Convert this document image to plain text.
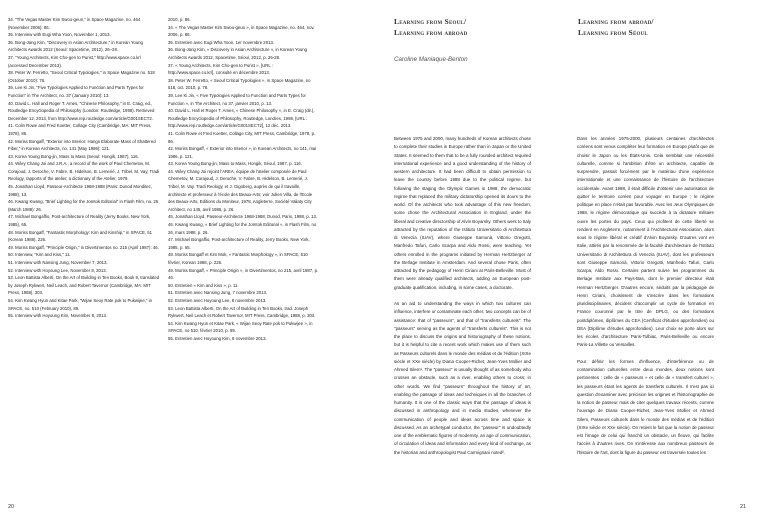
34. "The Vegas Master Kim Swoo-geun," in Space Magazine, no. 464 (November 2006): 86.

35. Interview with Eugi Wha Yoon, November 1, 2013.

36. Bong-Jang Kim, "Discovery in Asian Architecture," in Korean Young Architects Awards 2012 (Seoul: Spacetime, 2012), 26–28.

37. "Young Architects, Kim Cho-gen to Purist," http://www.space.co.kr/ (accessed December 2013).

38. Peter W. Ferretto, "Seoul Critical Typologies," in Space Magazine no. 518 (October 2010): 78.

39. Lee Ki Jin, "Five Typologies Applied to Function and Parts Types for Function" in The Architect, no. 37 (January 2010): 13.

40. David L. Hall and Roger T. Ames, "Chinese Philosophy," in E. Craig, ed., Routledge Encyclopedia of Philosophy (London: Routledge, 1998). Retrieved December 12, 2013, from http://www.rep.routledge.com/article/G001SECT2.

41. Colin Rowe and Fred Koetter, Collage City (Cambridge, MA: MIT Press, 1978), 86.

42. Moriss Bongaff, "Exterior into Interior: Hangs Elaborate Mass of Shattered Fiber," in Korean Architects, no. 141 (May 1986): 121.

43. Korea Young Bong-jin, Mass to Mass (Seoul: Hongik, 1987), 116.

44. Wiley Chang Joi and J.R.A., a record of the work of Paul Chemetov, M. Corajoud, J. Deroche, V. Fabre, B. Hidelson, B. Lemerié, J. Tribel, M. Vay, Tradi Reology, rapports of the atelier, a dictionary of the Atelier, 1978.

45. Jonathan Lloyd, Passeur-Architecte 1968-1988 (Paris: Dunod Monditec, 1988), 13.

46. Kwang Kwang, "Brief Lighting for the Jomtok Editorial" in Flash Film, no. 26 (March 1988): 26.

47. Michael Bongaffio, Post-architecture of Reality (Jerry Books, New York, 1985), 65.

48. Moriss Bongaff, "Fantastic Morphology: Kim and Kinship," in SPACE, 51 (Korean 1988), 226.

49. Moriss Bongaff, "Principle Origin," in Divertimentos no. 215 (April 1987): 46.

50. Interview, "Kim and Kiss," 11.

51. Interview with Nansing Jung, November 7, 2013.

52. Interview with Hoyoung Lee, November 8, 2013.

53. Leon Battista Alberti, On the Art of Building in Ten Books, Book 9, translated by Joseph Rykwert, Neil Leach, and Robert Tavernor (Cambridge, MA: MIT Press, 1988), 303.

54. Kim Kwang Hyun and Kitae Park, "Wijae Seoy Rate pok to Pukwijee," in SPACE, no. 510 (February 2010), 89.

55. Interview with Hoyoung Kim, November 8, 2013.

2010, p. 86.

34. « The Vegas Master Kim Swoo-geun », in Space Magazine, no. 464, nov. 2006, p. 86.

35. Entretien avec Eugi Wha Yoon, 1er novembre 2013.

36. Bong-Jang Kim, « Discovery in Asian Architecture », in Korean Young Architects Awards 2012, Spacetime, Séoul, 2012, p. 26-28.

37. « Young Architects, Kim Cho-gen to Purist », [URL : http://www.space.co.kr/], consulté en décembre 2013.

38. Peter W. Ferretto, « Seoul Critical Typologies », in Space Magazine, no 518, oct. 2010, p. 78.

39. Lee Ki Jin, « Five Typologies Applied to Function and Parts Types for Function », in The Architect, no 37, janvier 2010, p. 13.

40. David L. Hall et Roger T. Ames, « Chinese Philosophy », in E. Craig (dir.), Routledge Encyclopedia of Philosophy, Routledge, Londres, 1998, [URL : http://www.rep.routledge.com/article/G001SECT2], 12 déc. 2013.

41. Colin Rowe et Fred Koetter, Collage City, MIT Press, Cambridge, 1978, p. 86.

42. Moriss Bongaff, « Exterior into Interior », in Korean Architects, no 141, mai 1986, p. 121.

43. Korea Young Bong-jin, Mass to Mass, Hongik, Séoul, 1987, p. 116.

44. Wiley Chang Joi rejoint l'AREA, équipe de l'atelier composée de Paul Chemetov, M. Corajoud, J. Deroche, V. Fabre, B. Hidelson, B. Lemerié, J. Tribel, M. Vay. Tradi Reology, et J. Gigoberg, auprès de qui il travaille, architecte et professeur à l'école des Beaux-Arts; voir Julien Villa, de l'Ecole des Beaux-Arts, Editions du Moniteur, 1978, Angleterre, Société Valiaty City Architect, no 145, avril 1986, p. 26.

45. Jonathan Lloyd, Passeur-Architecte 1968-1988, Dunod, Paris, 1988, p. 13.

46. Kwang Kwang, « Brief Lighting for the Jomtok Editorial », in Flash Film, no 26, mars 1988, p. 26.

47. Michael Bongaffio, Post-architecture of Reality, Jerry Books, New York, 1985, p. 65.

48. Moriss Bongaff et Kim Mok, « Fantastic Morphology », in SPACE, 510 février, Korean 1988, p. 226.

49. Moriss Bongaff, « Principle Origin », in Divertimentos, no 215, avril 1987, p. 46.

50. Entretien « Kim and Kiss », p. 11.

51. Entretien avec Nansing Jung, 7 novembre 2013.

52. Entretien avec Hoyoung Lee, 8 novembre 2013.

53. Leon Battista Alberti, On the Art of Building in Ten Books, trad. Joseph Rykwert, Neil Leach et Robert Tavernor, MIT Press, Cambridge, 1988, p. 303.

54. Kim Kwang Hyun et Kitae Park, « Wijae Seoy Rate pok to Pukwijee », in SPACE, no 510, février 2010, p. 89.

55. Entretien avec Hoyoung Kim, 8 novembre 2013.

20
Learning from Seoul/
Learning from abroad
Learning from abroad/
Learning from Séoul
Caroline Maniaque-Benton

Between 1975 and 2000, many hundreds of Korean architects chose to complete their studies in Europe rather than in Japan or the United States. It seemed to them that to be a fully rounded architect required international experience and a good understanding of the history of western architecture. It had been difficult to obtain permission to leave the country before 1988 due to the political regime, but following the staging the Olympic Games in 1988, the democratic regime that replaced the military dictatorship opened its doors to the world. Of the architects who took advantage of this new freedom, some chose the Architectural Association in England, under the liberal and creative directorship of Alvin Boyarsky. Others went to Italy attracted by the reputation of the Istituto Universitario di Architettura di Venezia (IUAV), where Giuseppe Samonà, Vittorio Gregotti, Manfredo Tafuri, Carlo Scarpa and Aldo Rossi, were teaching. Yet others enrolled in the programs initiated by Herman Hertzberger at the Berlage Institute in Amsterdam. And several chose Paris, often attracted by the pedagogy of Henri Ciriani at Paris-Belleville. Most of them were already qualified architects, adding an European post-graduate qualification, including, in some cases, a doctorate.

As an aid to understanding the ways in which two cultures can influence, interfere or contaminate each other, two concepts can be of assistance: that of "passeurs", and that of "transferts culturels". The "passeurs" serving as the agents of "transferts culturels". This is not the place to discuss the origins and historiography of these notions, but it is helpful to cite a recent work which makes use of them such as Passeurs culturels dans le monde des médias et de l'édition (XIXe siècle et XXe siècle) by Diana Cooper-Richet, Jean-Yves Mollier and Ahmed Silem¹. The "passeur" is usually thought of as somebody who crosses an obstacle, such as a river, enabling others to cross; in other words. We find "passeurs" throughout the history of art, enabling the passage of ideas and techniques in all the branches of humanity. It is one of the classic ways that the passage of ideas is discussed in anthropology and in media studies, whenever the communication of people and ideas across time and space is discussed. As an archetypal conductor, the "passeur" is undoubtedly one of the emblematic figures of modernity, an age of communication, of circulation of ideas and information and every kind of exchange, as the historian and anthropologist Paul Carmignani noted².

Dans les années 1975-2000, plusieurs centaines d'architectes coréens sont venus compléter leur formation en Europe plutôt que de choisir le Japon ou les États-Unis. Cela semblait une nécessité culturelle, comme si l'ambition d'être un architecte, capable de surprendre, passait forcément par le matériau d'une expérience internationale et une connaissance de l'histoire de l'architecture occidentale. Avant 1988, il était difficile d'obtenir une autorisation de quitter le territoire coréen pour voyager en Europe ; le régime politique en place n'était pas favorable. Avec les Jeux Olympiques de 1988, le régime démocratique qui succède à la dictature militaire ouvre les portes du pays. Ceux qui profitent de cette liberté se rendent en Angleterre, notamment à l'Architectural Association, alors sous le régime libéral et créatif d'Alvin Boyarsky. D'autres vont en Italie, attirés par la renommée de la faculté d'architecture de l'Istituto Universitario di Architettura di Venezia (IUAV), dont les professeurs sont Giuseppe Samonà, Vittorio Gregotti, Manfredo Tafuri, Carlo Scarpa, Aldo Rossi. Certains partent suivre les programmes du Berlage Institute aux Pays-Bas, dont le premier directeur était Herman Hertzberger. D'autres encore, séduits par la pédagogie de Henri Ciriani, choisissent de s'inscrire dans les formations pluridisciplinaires, décident d'accomplir un cycle de formation en France couronné par le titre de DPLG, ou des formations postdiplômes, diplômes du CEA (Certificat d'études approfondies) ou DEA (Diplôme d'études approfondies). Leur choix se porte alors sur les écoles d'architecture Paris-Tolbiac, Paris-Belleville ou encore Paris-La Villette ou Versailles.

Pour définir les formes d'influence, d'interférence ou de contamination culturelles entre deux mondes, deux notions sont pertinentes : celle de « passeurs » et celle de « transfert culturel », les passeurs étant les agents de transferts culturels. Il n'est pas ici question d'examiner avec précision les origines et l'historiographie de la notion de passeur mais de citer quelques travaux récents, comme l'ouvrage de Diana Cooper-Richet, Jean-Yves Mollier et Ahmed Silem, Passeurs culturels dans le monde des médias et de l'édition (XIXe siècle et XXe siècle). On retient le fait que la notion de passeur est l'image de celui qui franchit un obstacle, un fleuve, qui facilite l'accès à d'autres rives. On s'intéresse aux nombreux passeurs de l'histoire de l'art, dont la figure du passeur est traversée toutes les

21
